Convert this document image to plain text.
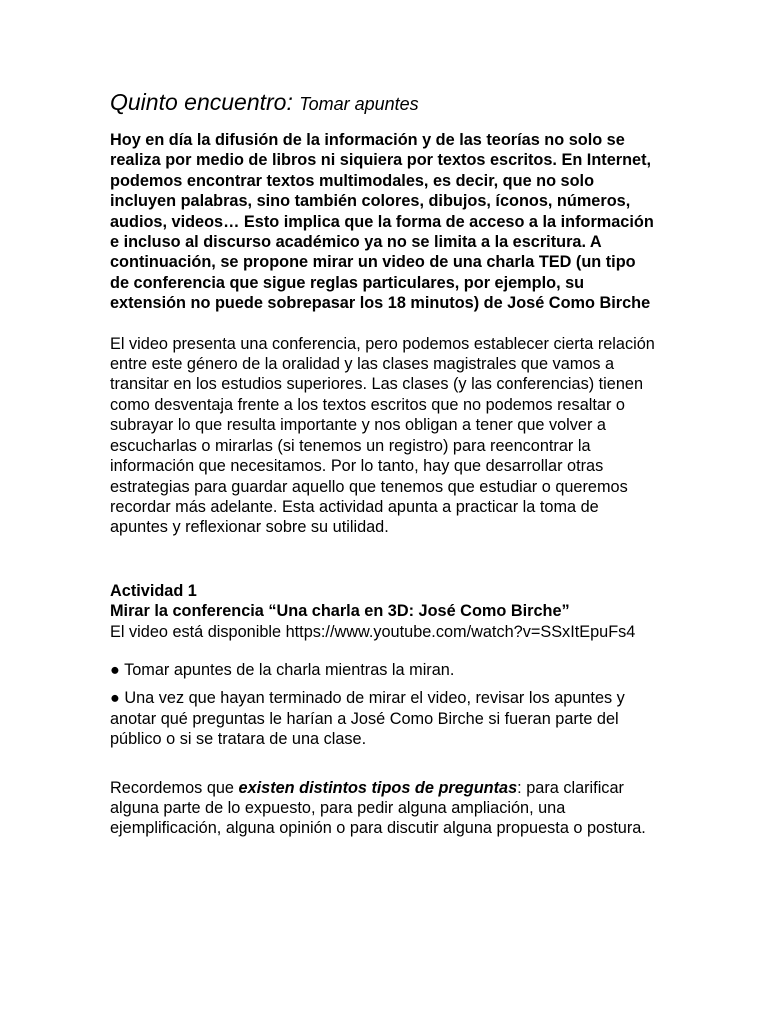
Quinto encuentro: Tomar apuntes

Hoy en día la difusión de la información y de las teorías no solo se realiza por medio de libros ni siquiera por textos escritos. En Internet, podemos encontrar textos multimodales, es decir, que no solo incluyen palabras, sino también colores, dibujos, íconos, números, audios, videos… Esto implica que la forma de acceso a la información e incluso al discurso académico ya no se limita a la escritura. A continuación, se propone mirar un video de una charla TED (un tipo de conferencia que sigue reglas particulares, por ejemplo, su extensión no puede sobrepasar los 18 minutos) de José Como Birche

El video presenta una conferencia, pero podemos establecer cierta relación entre este género de la oralidad y las clases magistrales que vamos a transitar en los estudios superiores. Las clases (y las conferencias) tienen como desventaja frente a los textos escritos que no podemos resaltar o subrayar lo que resulta importante y nos obligan a tener que volver a escucharlas o mirarlas (si tenemos un registro) para reencontrar la información que necesitamos. Por lo tanto, hay que desarrollar otras estrategias para guardar aquello que tenemos que estudiar o queremos recordar más adelante. Esta actividad apunta a practicar la toma de apuntes y reflexionar sobre su utilidad.

Actividad 1
Mirar la conferencia “Una charla en 3D: José Como Birche”
El video está disponible https://www.youtube.com/watch?v=SSxItEpuFs4

● Tomar apuntes de la charla mientras la miran.

● Una vez que hayan terminado de mirar el video, revisar los apuntes y anotar qué preguntas le harían a José Como Birche si fueran parte del público o si se tratara de una clase.

Recordemos que existen distintos tipos de preguntas: para clarificar alguna parte de lo expuesto, para pedir alguna ampliación, una ejemplificación, alguna opinión o para discutir alguna propuesta o postura.
